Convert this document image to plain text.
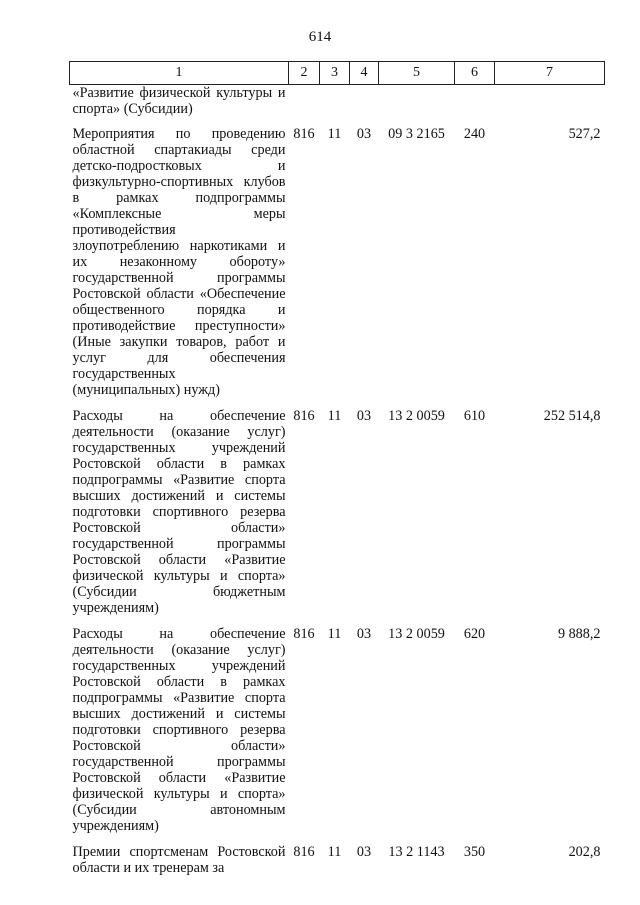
614
1	2	3	4	5	6	7
«Развитие физической культуры и спорта» (Субсидии)						
Мероприятия по проведению областной спартакиады среди детско-подростковых и физкультурно-спортивных клубов в рамках подпрограммы «Комплексные меры противодействия злоупотреблению наркотиками и их незаконному обороту» государственной программы Ростовской области «Обеспечение общественного порядка и противодействие преступности» (Иные закупки товаров, работ и услуг для обеспечения государственных (муниципальных) нужд)	816	11	03	09 3 2165	240	527,2
Расходы на обеспечение деятельности (оказание услуг) государственных учреждений Ростовской области в рамках подпрограммы «Развитие спорта высших достижений и системы подготовки спортивного резерва Ростовской области» государственной программы Ростовской области «Развитие физической культуры и спорта» (Субсидии бюджетным учреждениям)	816	11	03	13 2 0059	610	252 514,8
Расходы на обеспечение деятельности (оказание услуг) государственных учреждений Ростовской области в рамках подпрограммы «Развитие спорта высших достижений и системы подготовки спортивного резерва Ростовской области» государственной программы Ростовской области «Развитие физической культуры и спорта» (Субсидии автономным учреждениям)	816	11	03	13 2 0059	620	9 888,2
Премии спортсменам Ростовской области и их тренерам за	816	11	03	13 2 1143	350	202,8
